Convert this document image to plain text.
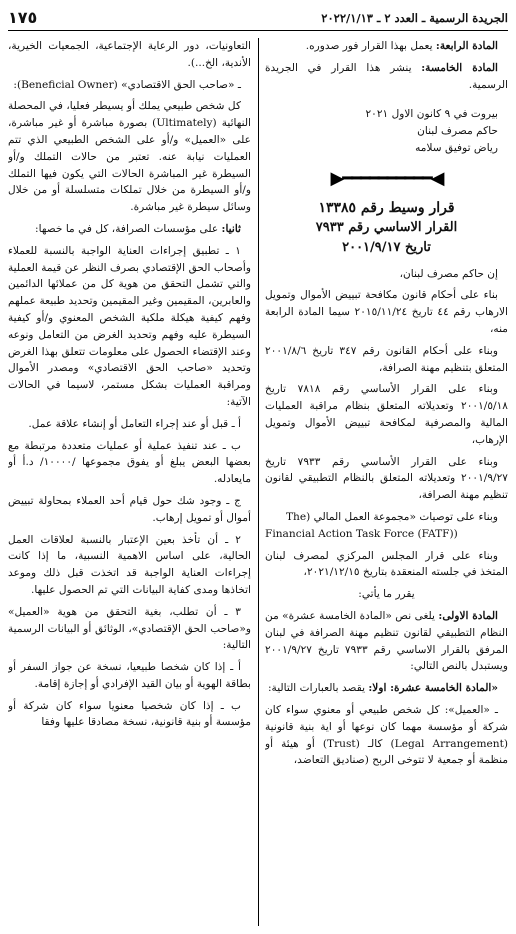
الجريدة الرسمية ـ العدد ٢ ـ ٢٠٢٢/١/١٣
١٧٥

المادة الرابعة: يعمل بهذا القرار فور صدوره.

المادة الخامسة: ينشر هذا القرار في الجريدة الرسمية.

بيروت في ٩ كانون الاول ٢٠٢١

حاكم مصرف لبنان

رياض توفيق سلامه

◀━━━━━━━━━━▶

قرار وسيط رقم ١٣٣٨٥

القرار الاساسي رقم ٧٩٣٣

تاريخ ٢٠٠١/٩/١٧

إن حاكم مصرف لبنان،

بناء على أحكام قانون مكافحة تبييض الأموال وتمويل الارهاب رقم ٤٤ تاريخ ٢٠١٥/١١/٢٤ سيما المادة الرابعة منه،

وبناء على أحكام القانون رقم ٣٤٧ تاريخ ٢٠٠١/٨/٦ المتعلق بتنظيم مهنة الصرافة،

وبناء على القرار الأساسي رقم ٧٨١٨ تاريخ ٢٠٠١/٥/١٨ وتعديلاته المتعلق بنظام مراقبة العمليات المالية والمصرفية لمكافحة تبييض الأموال وتمويل الإرهاب،

وبناء على القرار الأساسي رقم ٧٩٣٣ تاريخ ٢٠٠١/٩/٢٧ وتعديلاته المتعلق بالنظام التطبيقي لقانون تنظيم مهنة الصرافة،

وبناء على توصيات «مجموعة العمل المالي (The

Financial Action Task Force (FATF))

وبناء على قرار المجلس المركزي لمصرف لبنان المتخذ في جلسته المنعقدة بتاريخ ٢٠٢١/١٢/١٥،

يقرر ما يأتي:

المادة الاولى: يلغى نص «المادة الخامسة عشرة» من النظام التطبيقي لقانون تنظيم مهنة الصرافة في لبنان المرفق بالقرار الاساسي رقم ٧٩٣٣ تاريخ ٢٠٠١/٩/٢٧ ويستبدل بالنص التالي:

«المادة الخامسة عشرة: اولا: يقصد بالعبارات التالية:

ـ «العميل»: كل شخص طبيعي أو معنوي سواء كان شركة أو مؤسسة مهما كان نوعها أو اية بنية قانونية (Legal Arrangement) كالـ (Trust) أو هيئة أو منظمة أو جمعية لا تتوخى الربح (صناديق التعاضد،

التعاونيات، دور الرعاية الإجتماعية، الجمعيات الخيرية، الأندية، الخ...).

ـ «صاحب الحق الاقتصادي» (Beneficial Owner):

كل شخص طبيعي يملك أو يسيطر فعليا، في المحصلة النهائية (Ultimately) بصورة مباشرة أو غير مباشرة، على «العميل» و/أو على الشخص الطبيعي الذي تتم العمليات نيابة عنه. تعتبر من حالات التملك و/أو السيطرة غير المباشرة الحالات التي يكون فيها التملك و/أو السيطرة من خلال تملكات متسلسلة أو من خلال وسائل سيطرة غير مباشرة.

ثانيا: على مؤسسات الصرافة، كل في ما خصها:

١ ـ تطبيق إجراءات العناية الواجبة بالنسبة للعملاء وأصحاب الحق الإقتصادي بصرف النظر عن قيمة العملية والتي تشمل التحقق من هوية كل من عملائها الدائمين والعابرين، المقيمين وغير المقيمين وتحديد طبيعة عملهم وفهم كيفية هيكلة ملكية الشخص المعنوي و/أو كيفية السيطرة عليه وفهم وتحديد الغرض من التعامل ونوعه وعند الإقتضاء الحصول على معلومات تتعلق بهذا الغرض وتحديد «صاحب الحق الاقتصادي» ومصدر الأموال ومراقبة العمليات بشكل مستمر، لاسيما في الحالات الآتية:

أ ـ قبل أو عند إجراء التعامل أو إنشاء علاقة عمل.

ب ـ عند تنفيذ عملية أو عمليات متعددة مرتبطة مع بعضها البعض يبلغ أو يفوق مجموعها /١٠٠٠٠/ د.أ أو مايعادله.

ج ـ وجود شك حول قيام أحد العملاء بمحاولة تبييض أموال أو تمويل إرهاب.

٢ ـ أن تأخذ بعين الإعتبار بالنسبة لعلاقات العمل الحالية، على اساس الاهمية النسبية، ما إذا كانت إجراءات العناية الواجبة قد اتخذت قبل ذلك وموعد اتخاذها ومدى كفاية البيانات التي تم الحصول عليها.

٣ ـ أن تطلب، بغية التحقق من هوية «العميل» و«صاحب الحق الإقتصادي»، الوثائق أو البيانات الرسمية التالية:

أ ـ إذا كان شخصا طبيعيا، نسخة عن جواز السفر أو بطاقة الهوية أو بيان القيد الإفرادي أو إجازة إقامة.

ب ـ إذا كان شخصيا معنويا سواء كان شركة أو مؤسسة أو بنية قانونية، نسخة مصادقا عليها وفقا
